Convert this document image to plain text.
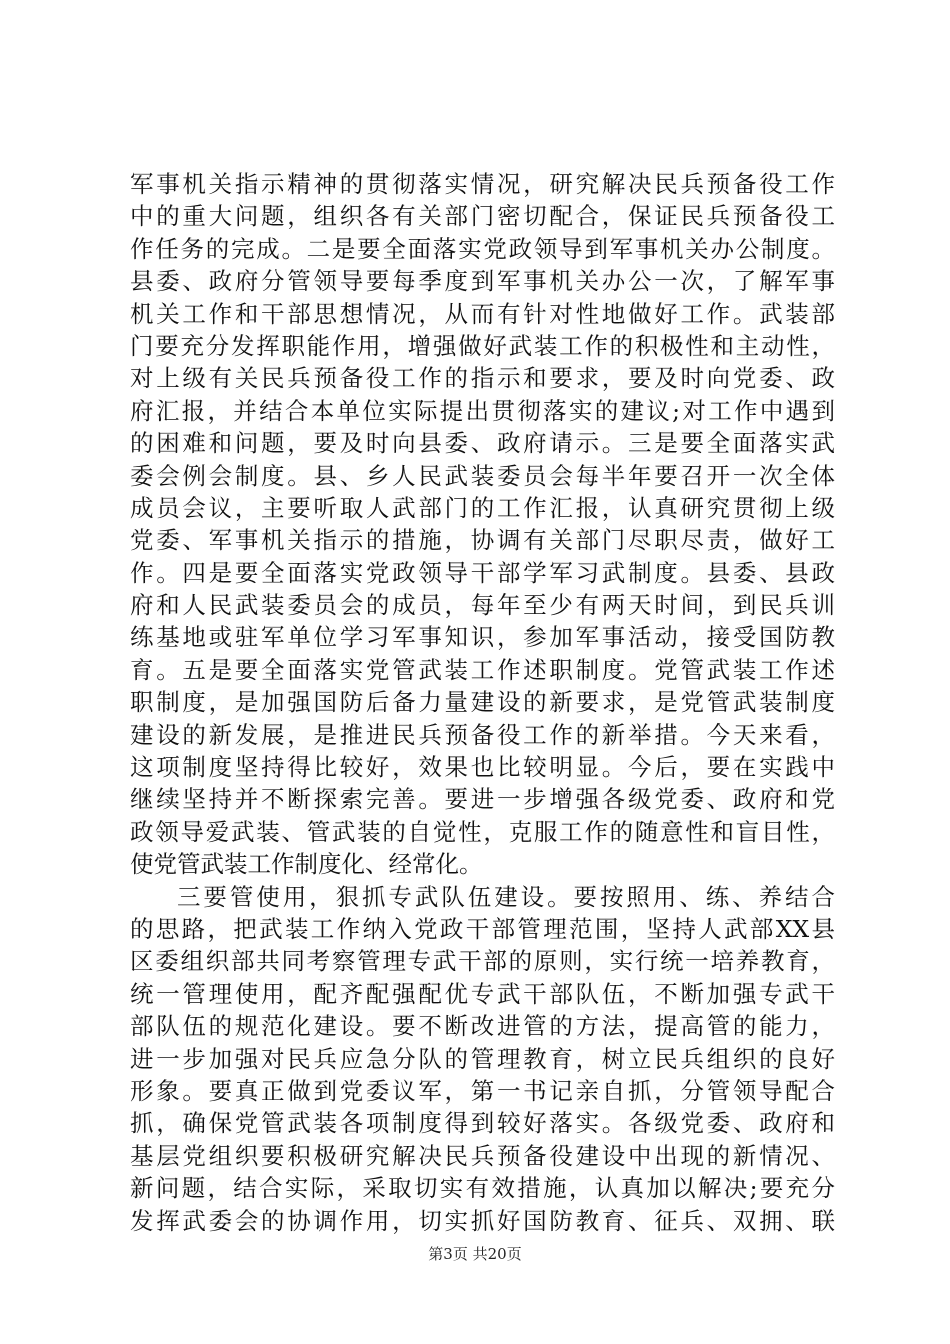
军事机关指示精神的贯彻落实情况，研究解决民兵预备役工作
中的重大问题，组织各有关部门密切配合，保证民兵预备役工
作任务的完成。二是要全面落实党政领导到军事机关办公制度。
县委、政府分管领导要每季度到军事机关办公一次，了解军事
机关工作和干部思想情况，从而有针对性地做好工作。武装部
门要充分发挥职能作用，增强做好武装工作的积极性和主动性，
对上级有关民兵预备役工作的指示和要求，要及时向党委、政
府汇报，并结合本单位实际提出贯彻落实的建议;对工作中遇到
的困难和问题，要及时向县委、政府请示。三是要全面落实武
委会例会制度。县、乡人民武装委员会每半年要召开一次全体
成员会议，主要听取人武部门的工作汇报，认真研究贯彻上级
党委、军事机关指示的措施，协调有关部门尽职尽责，做好工
作。四是要全面落实党政领导干部学军习武制度。县委、县政
府和人民武装委员会的成员，每年至少有两天时间，到民兵训
练基地或驻军单位学习军事知识，参加军事活动，接受国防教
育。五是要全面落实党管武装工作述职制度。党管武装工作述
职制度，是加强国防后备力量建设的新要求，是党管武装制度
建设的新发展，是推进民兵预备役工作的新举措。今天来看，
这项制度坚持得比较好，效果也比较明显。今后，要在实践中
继续坚持并不断探索完善。要进一步增强各级党委、政府和党
政领导爱武装、管武装的自觉性，克服工作的随意性和盲目性，
使党管武装工作制度化、经常化。
三要管使用，狠抓专武队伍建设。要按照用、练、养结合
的思路，把武装工作纳入党政干部管理范围，坚持人武部XX县
区委组织部共同考察管理专武干部的原则，实行统一培养教育，
统一管理使用，配齐配强配优专武干部队伍，不断加强专武干
部队伍的规范化建设。要不断改进管的方法，提高管的能力，
进一步加强对民兵应急分队的管理教育，树立民兵组织的良好
形象。要真正做到党委议军，第一书记亲自抓，分管领导配合
抓，确保党管武装各项制度得到较好落实。各级党委、政府和
基层党组织要积极研究解决民兵预备役建设中出现的新情况、
新问题，结合实际，采取切实有效措施，认真加以解决;要充分
发挥武委会的协调作用，切实抓好国防教育、征兵、双拥、联
第3页 共20页
